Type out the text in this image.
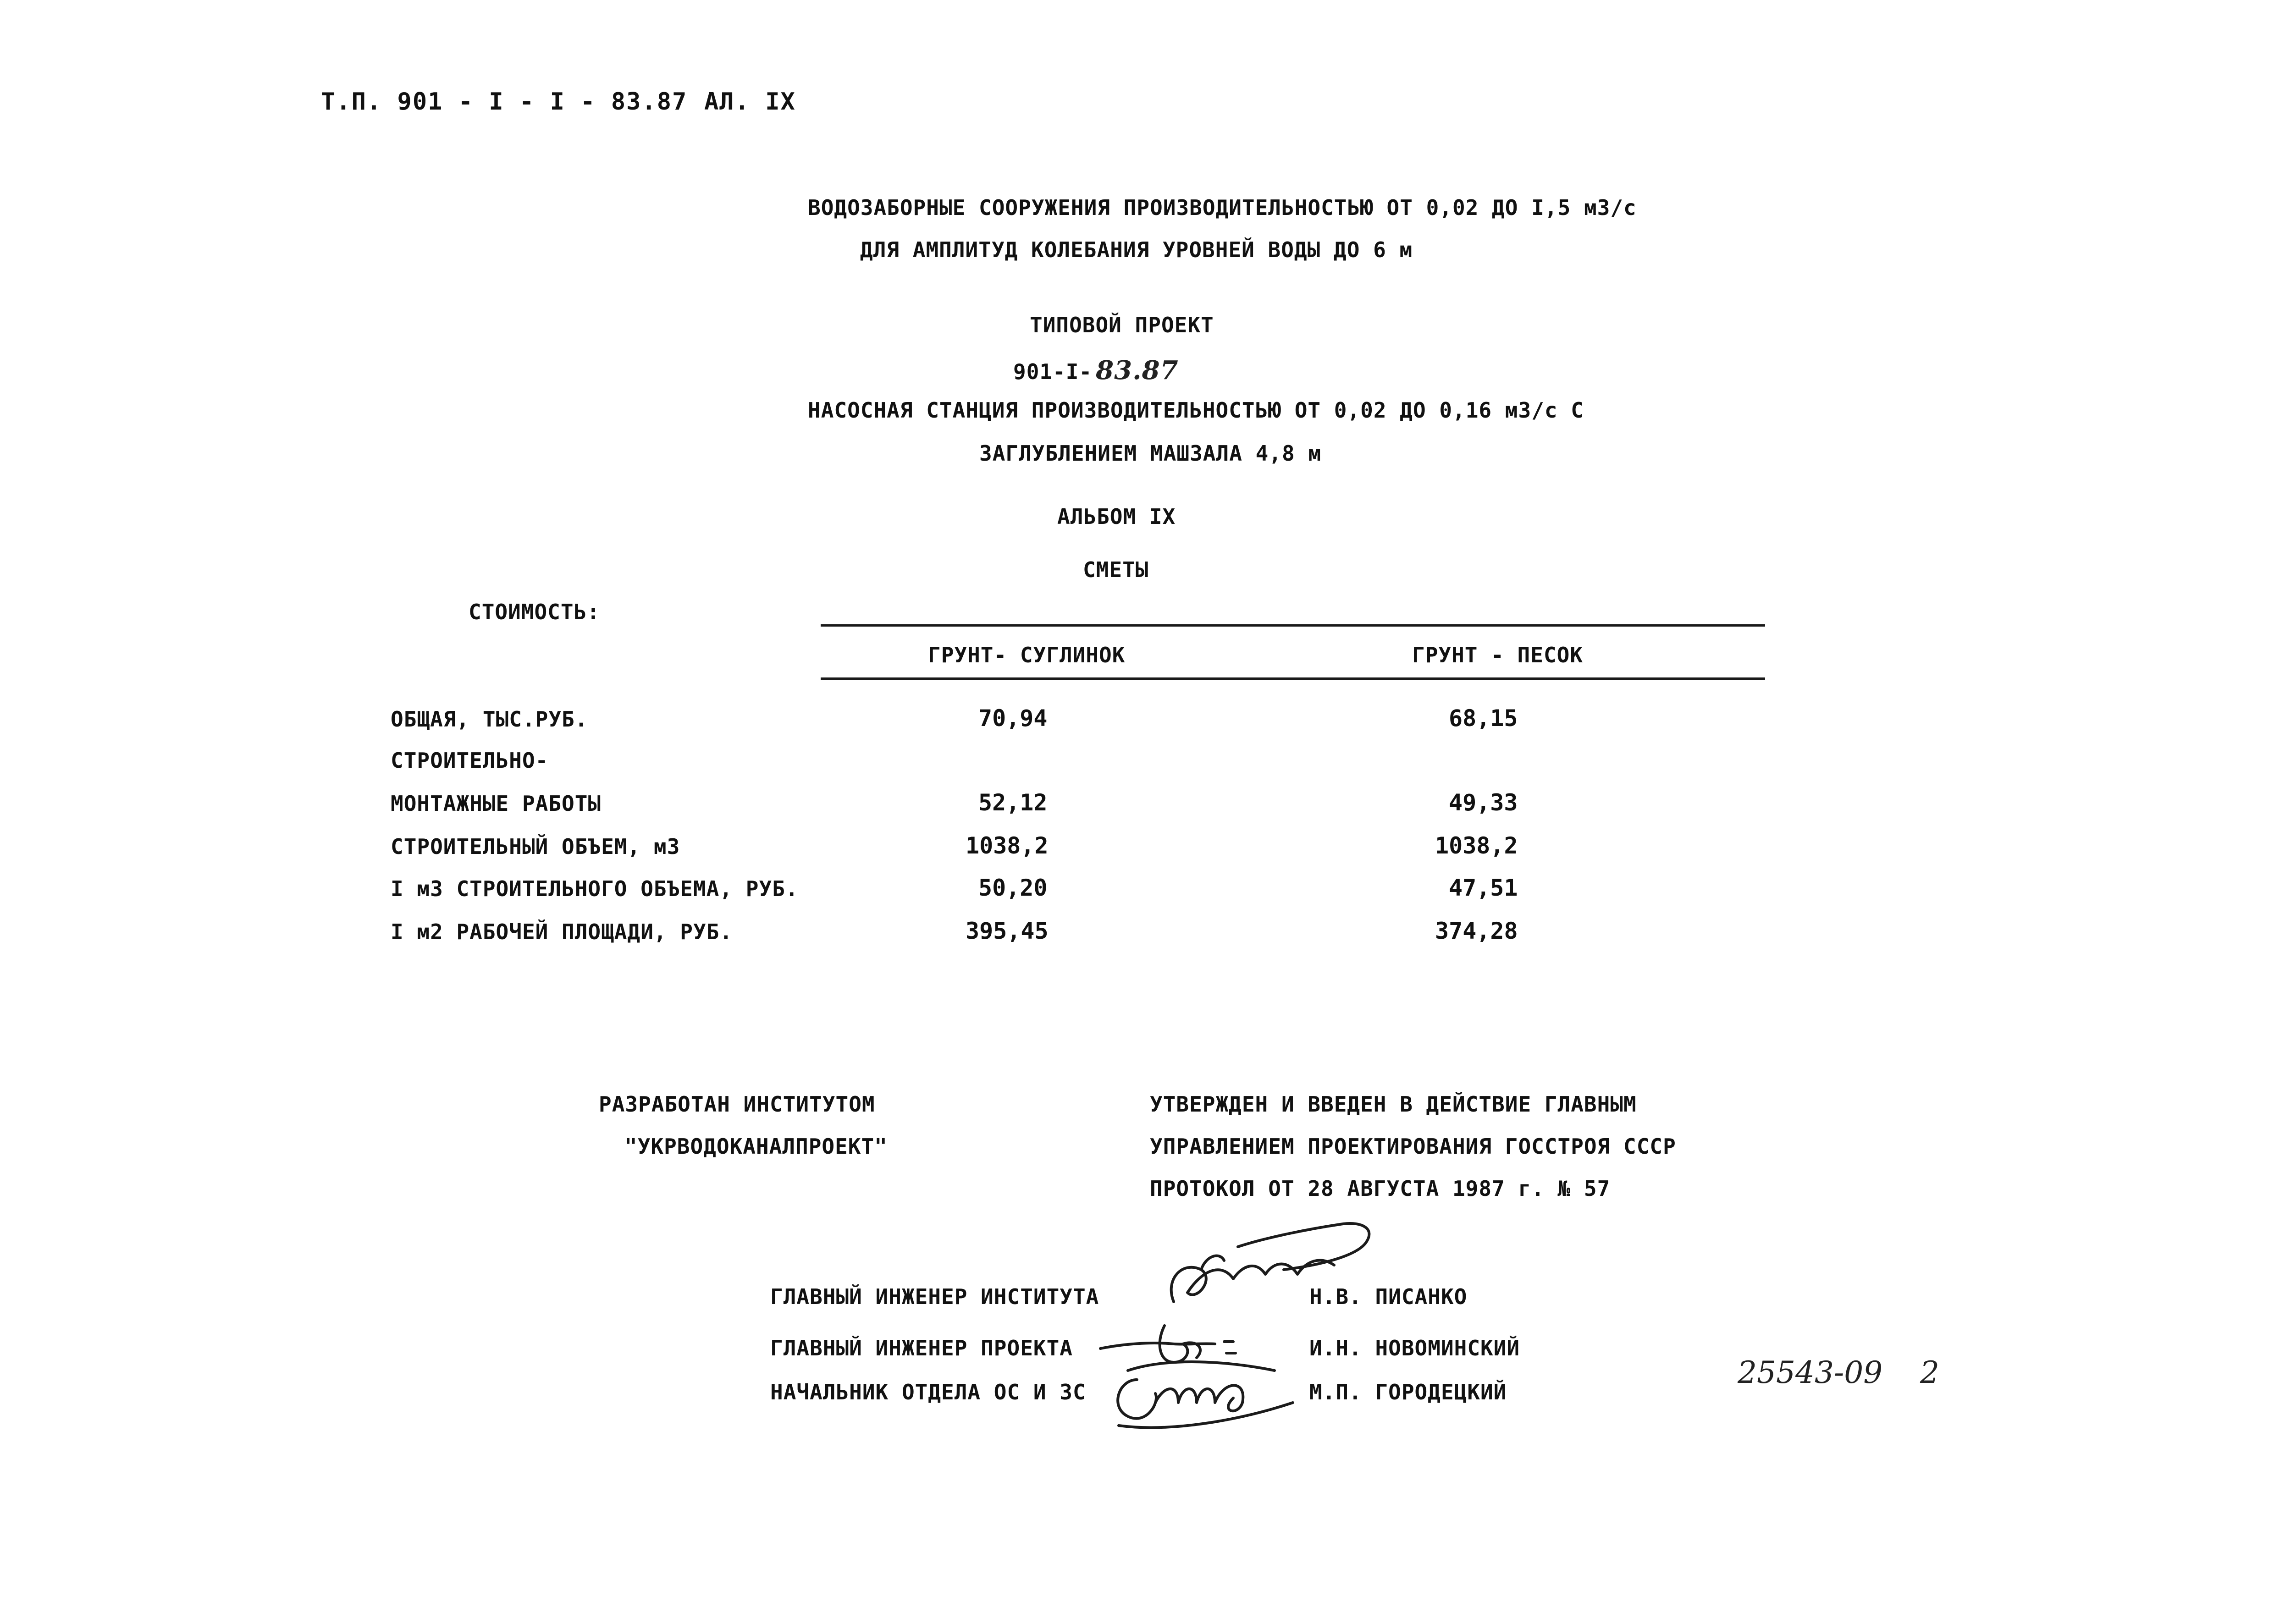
Т.П. 901 - I - I - 83.87 АЛ. IX
ВОДОЗАБОРНЫЕ СООРУЖЕНИЯ ПРОИЗВОДИТЕЛЬНОСТЬЮ ОТ 0,02 ДО I,5 м3/с
ДЛЯ АМПЛИТУД КОЛЕБАНИЯ УРОВНЕЙ ВОДЫ ДО 6 м
ТИПОВОЙ ПРОЕКТ
901-I- 83.87
НАСОСНАЯ СТАНЦИЯ ПРОИЗВОДИТЕЛЬНОСТЬЮ ОТ 0,02 ДО 0,16 м3/с С
ЗАГЛУБЛЕНИЕМ МАШЗАЛА 4,8 м
АЛЬБОМ IX
СМЕТЫ
СТОИМОСТЬ:
ГРУНТ- СУГЛИНОК	ГРУНТ - ПЕСОК
ОБЩАЯ, ТЫС.РУБ.	70,94	68,15
СТРОИТЕЛЬНО-
МОНТАЖНЫЕ РАБОТЫ	52,12	49,33
СТРОИТЕЛЬНЫЙ ОБЪЕМ, м3	1038,2	1038,2
I м3 СТРОИТЕЛЬНОГО ОБЪЕМА, РУБ.	50,20	47,51
I м2 РАБОЧЕЙ ПЛОЩАДИ, РУБ.	395,45	374,28
РАЗРАБОТАН ИНСТИТУТОМ
"УКРВОДОКАНАЛПРОЕКТ"
УТВЕРЖДЕН И ВВЕДЕН В ДЕЙСТВИЕ ГЛАВНЫМ
УПРАВЛЕНИЕМ ПРОЕКТИРОВАНИЯ ГОССТРОЯ СССР
ПРОТОКОЛ ОТ 28 АВГУСТА 1987 г. № 57
ГЛАВНЫЙ ИНЖЕНЕР ИНСТИТУТА	Н.В. ПИСАНКО
ГЛАВНЫЙ ИНЖЕНЕР ПРОЕКТА	И.Н. НОВОМИНСКИЙ
НАЧАЛЬНИК ОТДЕЛА ОС И ЗС	М.П. ГОРОДЕЦКИЙ
25543-09 2
